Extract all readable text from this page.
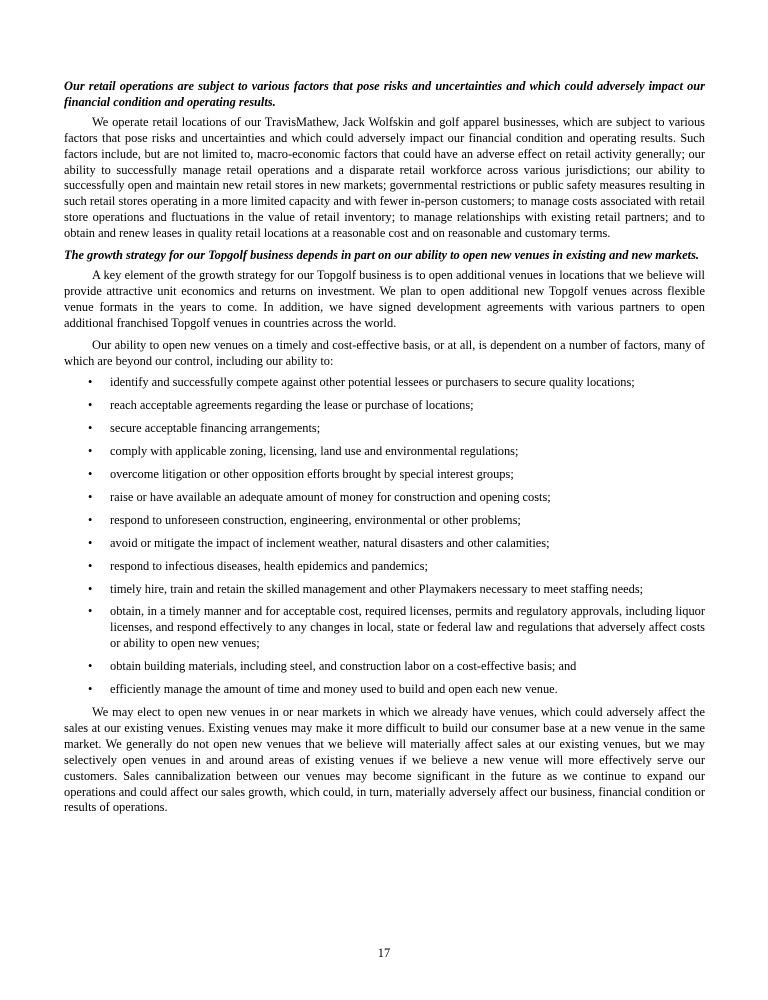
Our retail operations are subject to various factors that pose risks and uncertainties and which could adversely impact our financial condition and operating results.

We operate retail locations of our TravisMathew, Jack Wolfskin and golf apparel businesses, which are subject to various factors that pose risks and uncertainties and which could adversely impact our financial condition and operating results. Such factors include, but are not limited to, macro-economic factors that could have an adverse effect on retail activity generally; our ability to successfully manage retail operations and a disparate retail workforce across various jurisdictions; our ability to successfully open and maintain new retail stores in new markets; governmental restrictions or public safety measures resulting in such retail stores operating in a more limited capacity and with fewer in-person customers; to manage costs associated with retail store operations and fluctuations in the value of retail inventory; to manage relationships with existing retail partners; and to obtain and renew leases in quality retail locations at a reasonable cost and on reasonable and customary terms.

The growth strategy for our Topgolf business depends in part on our ability to open new venues in existing and new markets.

A key element of the growth strategy for our Topgolf business is to open additional venues in locations that we believe will provide attractive unit economics and returns on investment. We plan to open additional new Topgolf venues across flexible venue formats in the years to come. In addition, we have signed development agreements with various partners to open additional franchised Topgolf venues in countries across the world.

Our ability to open new venues on a timely and cost-effective basis, or at all, is dependent on a number of factors, many of which are beyond our control, including our ability to:

• identify and successfully compete against other potential lessees or purchasers to secure quality locations;
• reach acceptable agreements regarding the lease or purchase of locations;
• secure acceptable financing arrangements;
• comply with applicable zoning, licensing, land use and environmental regulations;
• overcome litigation or other opposition efforts brought by special interest groups;
• raise or have available an adequate amount of money for construction and opening costs;
• respond to unforeseen construction, engineering, environmental or other problems;
• avoid or mitigate the impact of inclement weather, natural disasters and other calamities;
• respond to infectious diseases, health epidemics and pandemics;
• timely hire, train and retain the skilled management and other Playmakers necessary to meet staffing needs;
• obtain, in a timely manner and for acceptable cost, required licenses, permits and regulatory approvals, including liquor licenses, and respond effectively to any changes in local, state or federal law and regulations that adversely affect costs or ability to open new venues;
• obtain building materials, including steel, and construction labor on a cost-effective basis; and
• efficiently manage the amount of time and money used to build and open each new venue.

We may elect to open new venues in or near markets in which we already have venues, which could adversely affect the sales at our existing venues. Existing venues may make it more difficult to build our consumer base at a new venue in the same market. We generally do not open new venues that we believe will materially affect sales at our existing venues, but we may selectively open venues in and around areas of existing venues if we believe a new venue will more effectively serve our customers. Sales cannibalization between our venues may become significant in the future as we continue to expand our operations and could affect our sales growth, which could, in turn, materially adversely affect our business, financial condition or results of operations.

17
